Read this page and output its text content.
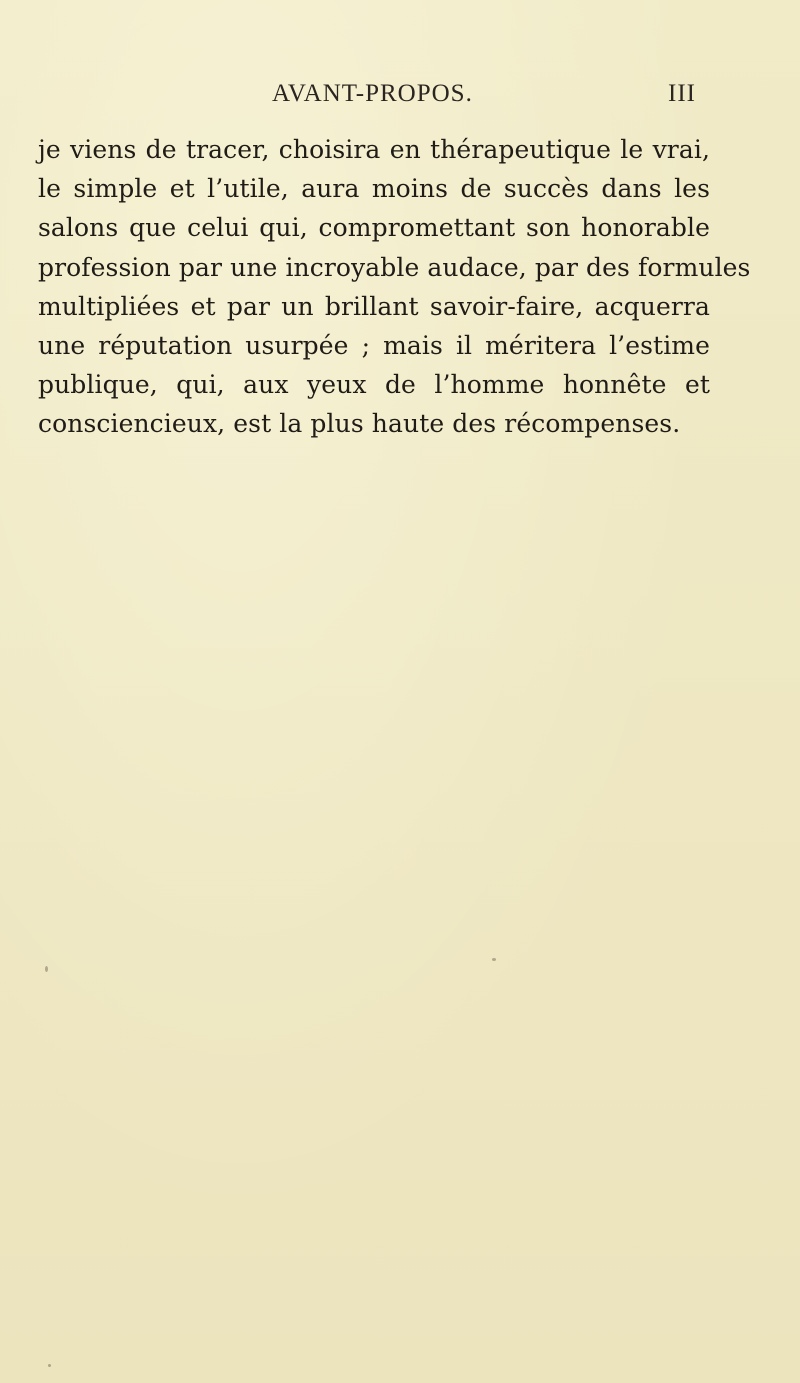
AVANT-PROPOS.	III
je viens de tracer, choisira en thérapeutique le vrai,
le simple et l’utile, aura moins de succès dans les
salons que celui qui, compromettant son honorable
profession par une incroyable audace, par des formules
multipliées et par un brillant savoir-faire, acquerra
une réputation usurpée ; mais il méritera l’estime
publique, qui, aux yeux de l’homme honnête et
consciencieux, est la plus haute des récompenses.
